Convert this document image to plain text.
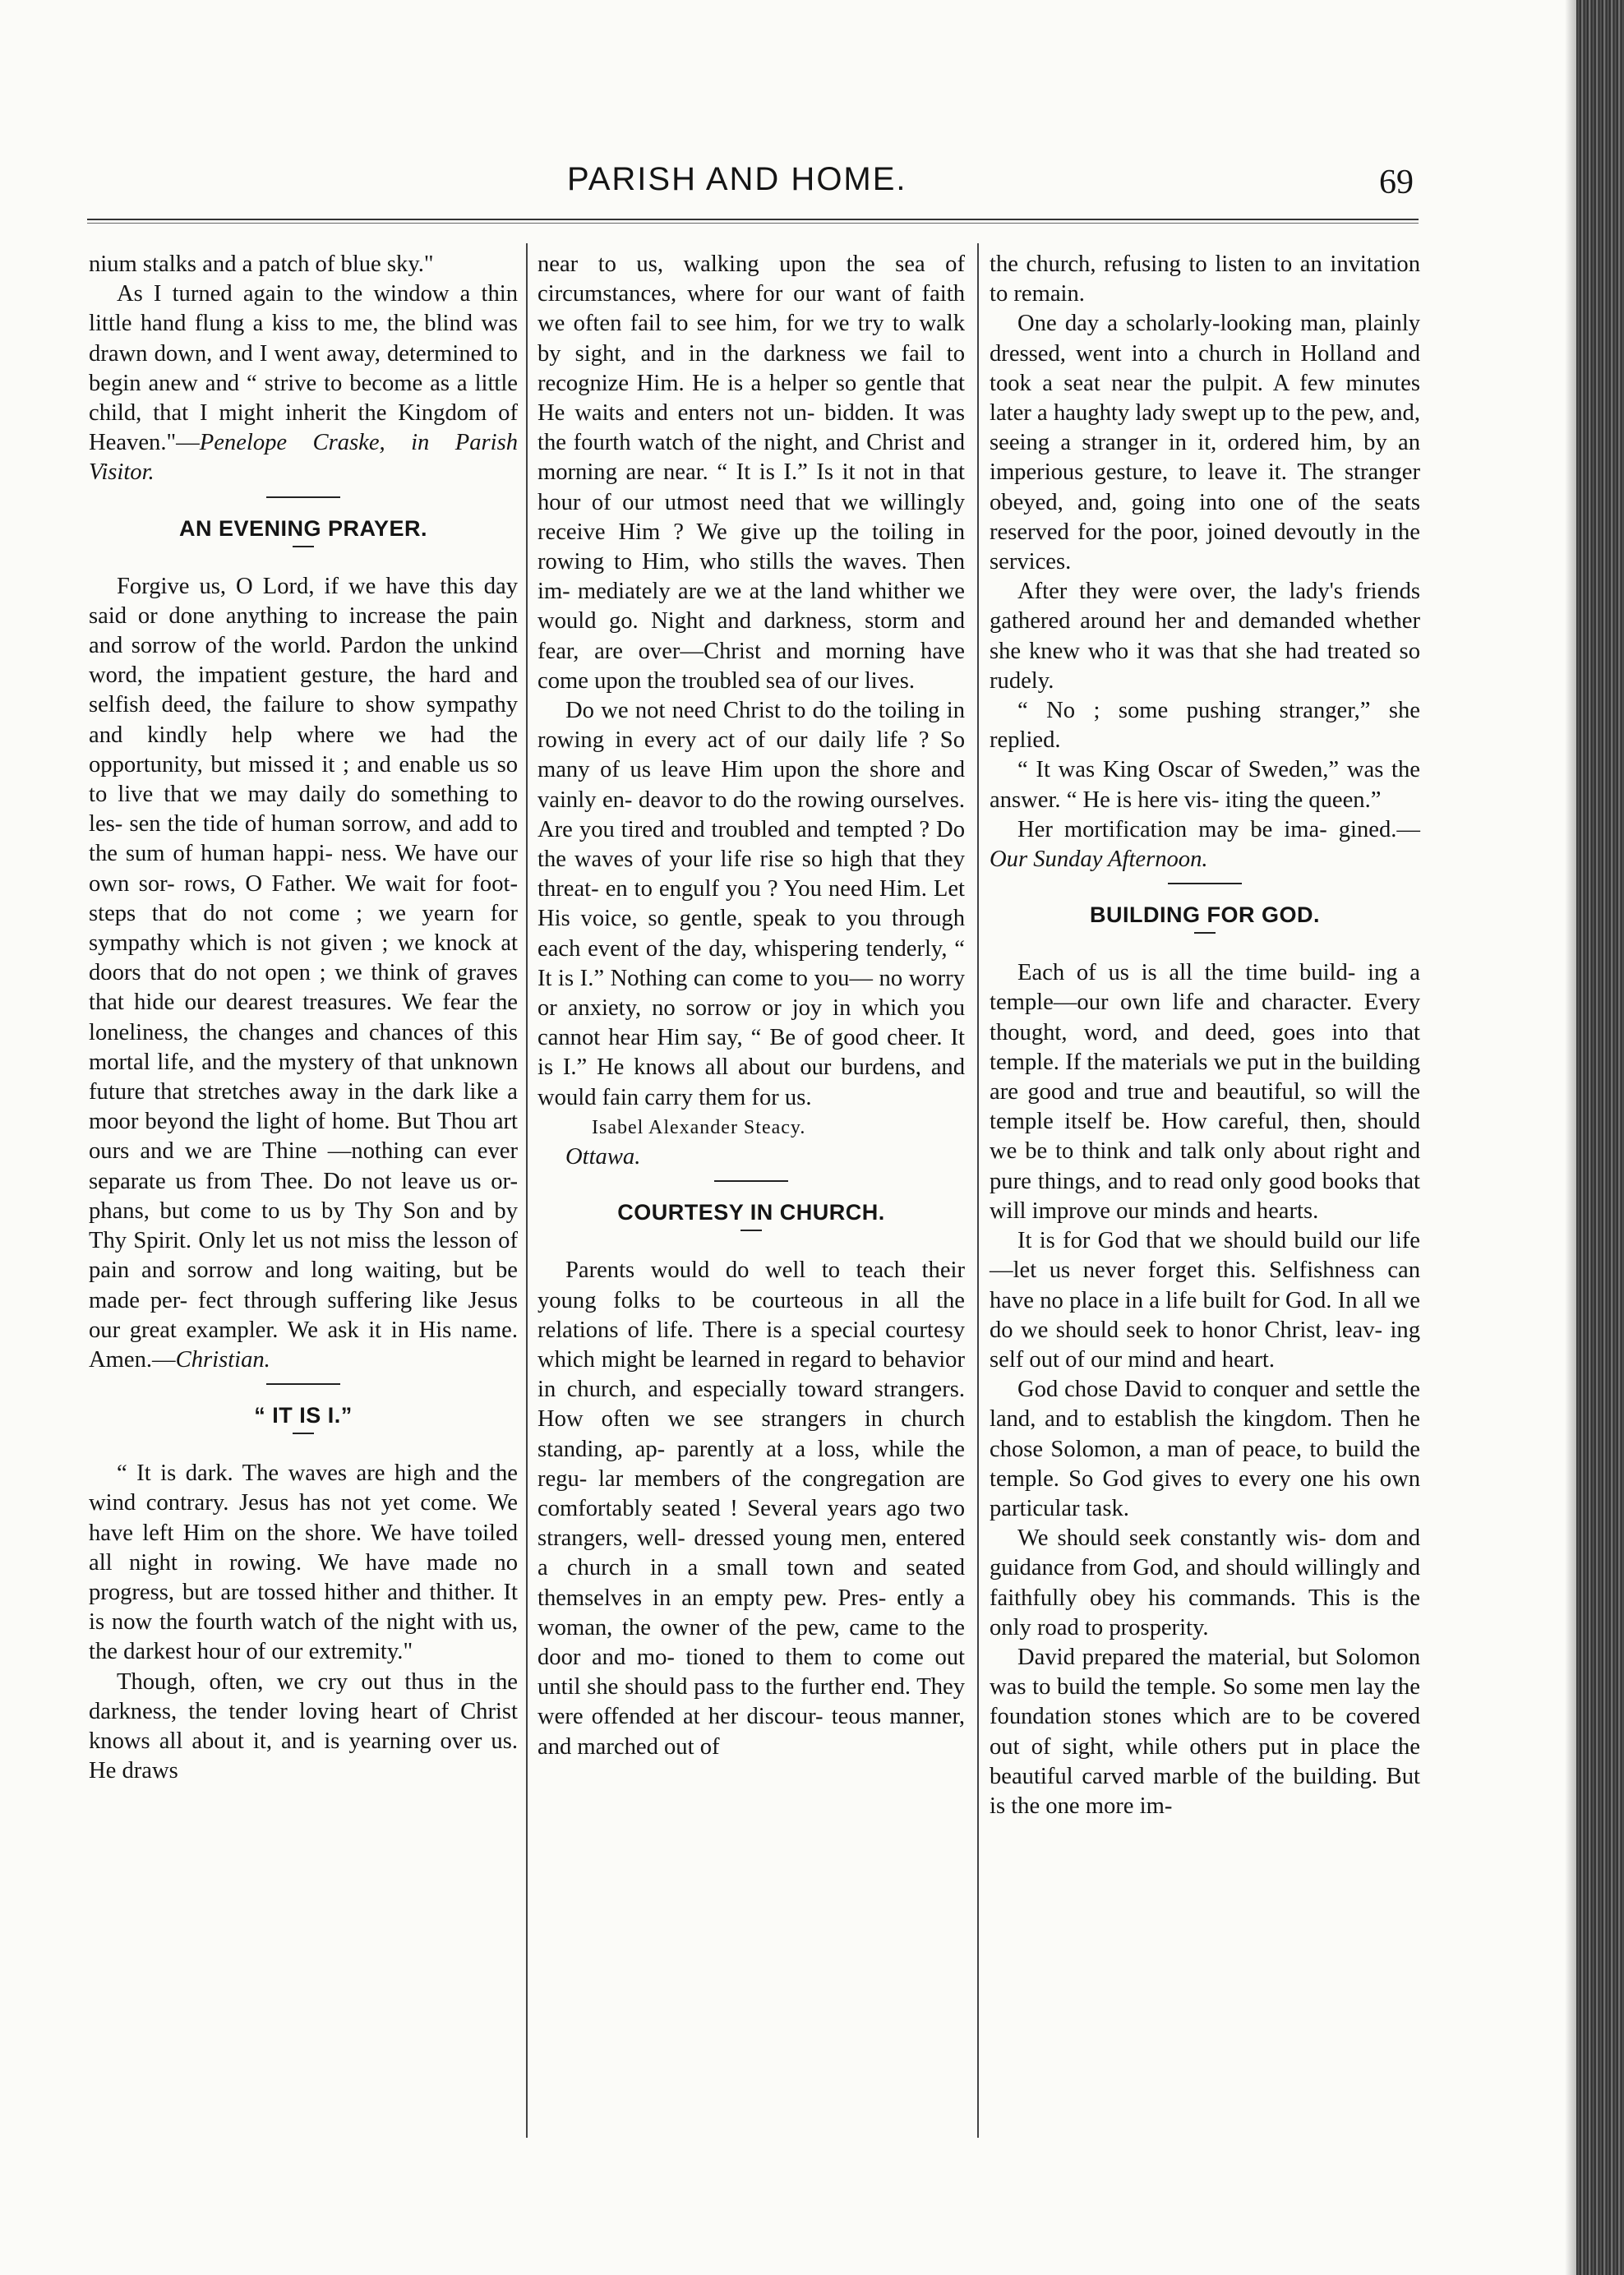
PARISH AND HOME.	69

nium stalks and a patch of blue sky."

As I turned again to the window a thin little hand flung a kiss to me, the blind was drawn down, and I went away, determined to begin anew and “ strive to become as a little child, that I might inherit the Kingdom of Heaven."—Penelope Craske, in Parish Visitor.

AN EVENING PRAYER.

Forgive us, O Lord, if we have this day said or done anything to increase the pain and sorrow of the world. Pardon the unkind word, the impatient gesture, the hard and selfish deed, the failure to show sympathy and kindly help where we had the opportunity, but missed it ; and enable us so to live that we may daily do something to les- sen the tide of human sorrow, and add to the sum of human happi- ness. We have our own sor- rows, O Father. We wait for foot- steps that do not come ; we yearn for sympathy which is not given ; we knock at doors that do not open ; we think of graves that hide our dearest treasures. We fear the loneliness, the changes and chances of this mortal life, and the mystery of that unknown future that stretches away in the dark like a moor beyond the light of home. But Thou art ours and we are Thine —nothing can ever separate us from Thee. Do not leave us or- phans, but come to us by Thy Son and by Thy Spirit. Only let us not miss the lesson of pain and sorrow and long waiting, but be made per- fect through suffering like Jesus our great exampler. We ask it in His name. Amen.—Christian.

“ IT IS I.”

“ It is dark. The waves are high and the wind contrary. Jesus has not yet come. We have left Him on the shore. We have toiled all night in rowing. We have made no progress, but are tossed hither and thither. It is now the fourth watch of the night with us, the darkest hour of our extremity."

Though, often, we cry out thus in the darkness, the tender loving heart of Christ knows all about it, and is yearning over us. He draws

near to us, walking upon the sea of circumstances, where for our want of faith we often fail to see him, for we try to walk by sight, and in the darkness we fail to recognize Him. He is a helper so gentle that He waits and enters not un- bidden. It was the fourth watch of the night, and Christ and morning are near. “ It is I.” Is it not in that hour of our utmost need that we willingly receive Him ? We give up the toiling in rowing to Him, who stills the waves. Then im- mediately are we at the land whither we would go. Night and darkness, storm and fear, are over—Christ and morning have come upon the troubled sea of our lives.

Do we not need Christ to do the toiling in rowing in every act of our daily life ? So many of us leave Him upon the shore and vainly en- deavor to do the rowing ourselves. Are you tired and troubled and tempted ? Do the waves of your life rise so high that they threat- en to engulf you ? You need Him. Let His voice, so gentle, speak to you through each event of the day, whispering tenderly, “ It is I.” Nothing can come to you— no worry or anxiety, no sorrow or joy in which you cannot hear Him say, “ Be of good cheer. It is I.” He knows all about our burdens, and would fain carry them for us.

Isabel Alexander Steacy.

Ottawa.

COURTESY IN CHURCH.

Parents would do well to teach their young folks to be courteous in all the relations of life. There is a special courtesy which might be learned in regard to behavior in church, and especially toward strangers. How often we see strangers in church standing, ap- parently at a loss, while the regu- lar members of the congregation are comfortably seated ! Several years ago two strangers, well- dressed young men, entered a church in a small town and seated themselves in an empty pew. Pres- ently a woman, the owner of the pew, came to the door and mo- tioned to them to come out until she should pass to the further end. They were offended at her discour- teous manner, and marched out of

the church, refusing to listen to an invitation to remain.

One day a scholarly-looking man, plainly dressed, went into a church in Holland and took a seat near the pulpit. A few minutes later a haughty lady swept up to the pew, and, seeing a stranger in it, ordered him, by an imperious gesture, to leave it. The stranger obeyed, and, going into one of the seats reserved for the poor, joined devoutly in the services.

After they were over, the lady's friends gathered around her and demanded whether she knew who it was that she had treated so rudely.

“ No ; some pushing stranger,” she replied.

“ It was King Oscar of Sweden,” was the answer. “ He is here vis- iting the queen.”

Her mortification may be ima- gined.—Our Sunday Afternoon.

BUILDING FOR GOD.

Each of us is all the time build- ing a temple—our own life and character. Every thought, word, and deed, goes into that temple. If the materials we put in the building are good and true and beautiful, so will the temple itself be. How careful, then, should we be to think and talk only about right and pure things, and to read only good books that will improve our minds and hearts.

It is for God that we should build our life—let us never forget this. Selfishness can have no place in a life built for God. In all we do we should seek to honor Christ, leav- ing self out of our mind and heart.

God chose David to conquer and settle the land, and to establish the kingdom. Then he chose Solomon, a man of peace, to build the temple. So God gives to every one his own particular task.

We should seek constantly wis- dom and guidance from God, and should willingly and faithfully obey his commands. This is the only road to prosperity.

David prepared the material, but Solomon was to build the temple. So some men lay the foundation stones which are to be covered out of sight, while others put in place the beautiful carved marble of the building. But is the one more im-
